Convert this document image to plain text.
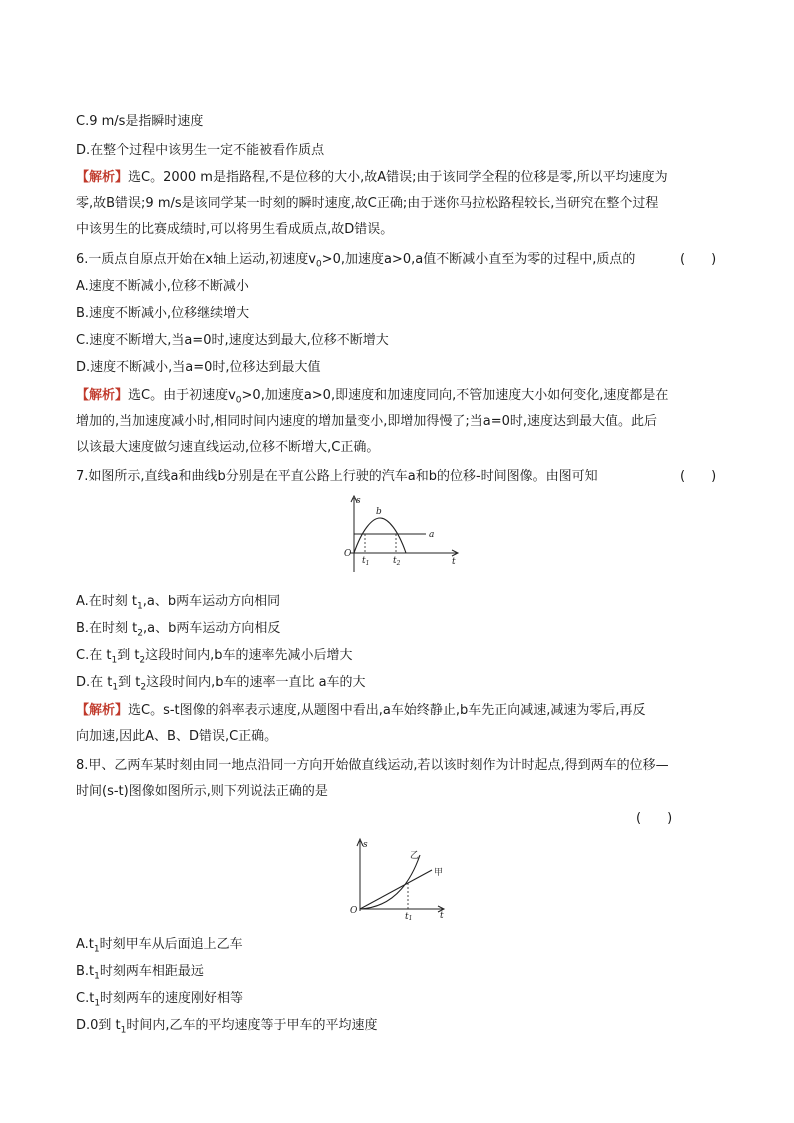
C.9 m/s是指瞬时速度
D.在整个过程中该男生一定不能被看作质点
【解析】选C。2000 m是指路程,不是位移的大小,故A错误;由于该同学全程的位移是零,所以平均速度为
零,故B错误;9 m/s是该同学某一时刻的瞬时速度,故C正确;由于迷你马拉松路程较长,当研究在整个过程
中该男生的比赛成绩时,可以将男生看成质点,故D错误。
6.一质点自原点开始在x轴上运动,初速度$v_0>0$,加速度a>0,a值不断减小直至为零的过程中,质点的	(　　)
A.速度不断减小,位移不断减小
B.速度不断减小,位移继续增大
C.速度不断增大,当a=0时,速度达到最大,位移不断增大
D.速度不断减小,当a=0时,位移达到最大值
【解析】选C。由于初速度$v_0>0$,加速度a>0,即速度和加速度同向,不管加速度大小如何变化,速度都是在
增加的,当加速度减小时,相同时间内速度的增加量变小,即增加得慢了;当a=0时,速度达到最大值。此后
以该最大速度做匀速直线运动,位移不断增大,C正确。
7.如图所示,直线a和曲线b分别是在平直公路上行驶的汽车a和b的位移-时间图像。由图可知	(　　)
O
s
t
a
b
$t_1$	$t_2$
A.在时刻 $t_1,a$、b两车运动方向相同
B.在时刻 $t_2,a$、b两车运动方向相反
C.在 $t_1$到 $t_2$这段时间内,b车的速率先减小后增大
D.在 $t_1$到 $t_2$这段时间内,b车的速率一直比 a车的大
【解析】选C。s-t图像的斜率表示速度,从题图中看出,a车始终静止,b车先正向减速,减速为零后,再反
向加速,因此A、B、D错误,C正确。
8.甲、乙两车某时刻由同一地点沿同一方向开始做直线运动,若以该时刻作为计时起点,得到两车的位移—
时间(s-t)图像如图所示,则下列说法正确的是
(　　)
O
s
t
乙
甲
t1
$A.t_1$时刻甲车从后面追上乙车
$B.t_1$时刻两车相距最远
$C.t_1$时刻两车的速度刚好相等
D.0到 $t_1$时间内,乙车的平均速度等于甲车的平均速度
